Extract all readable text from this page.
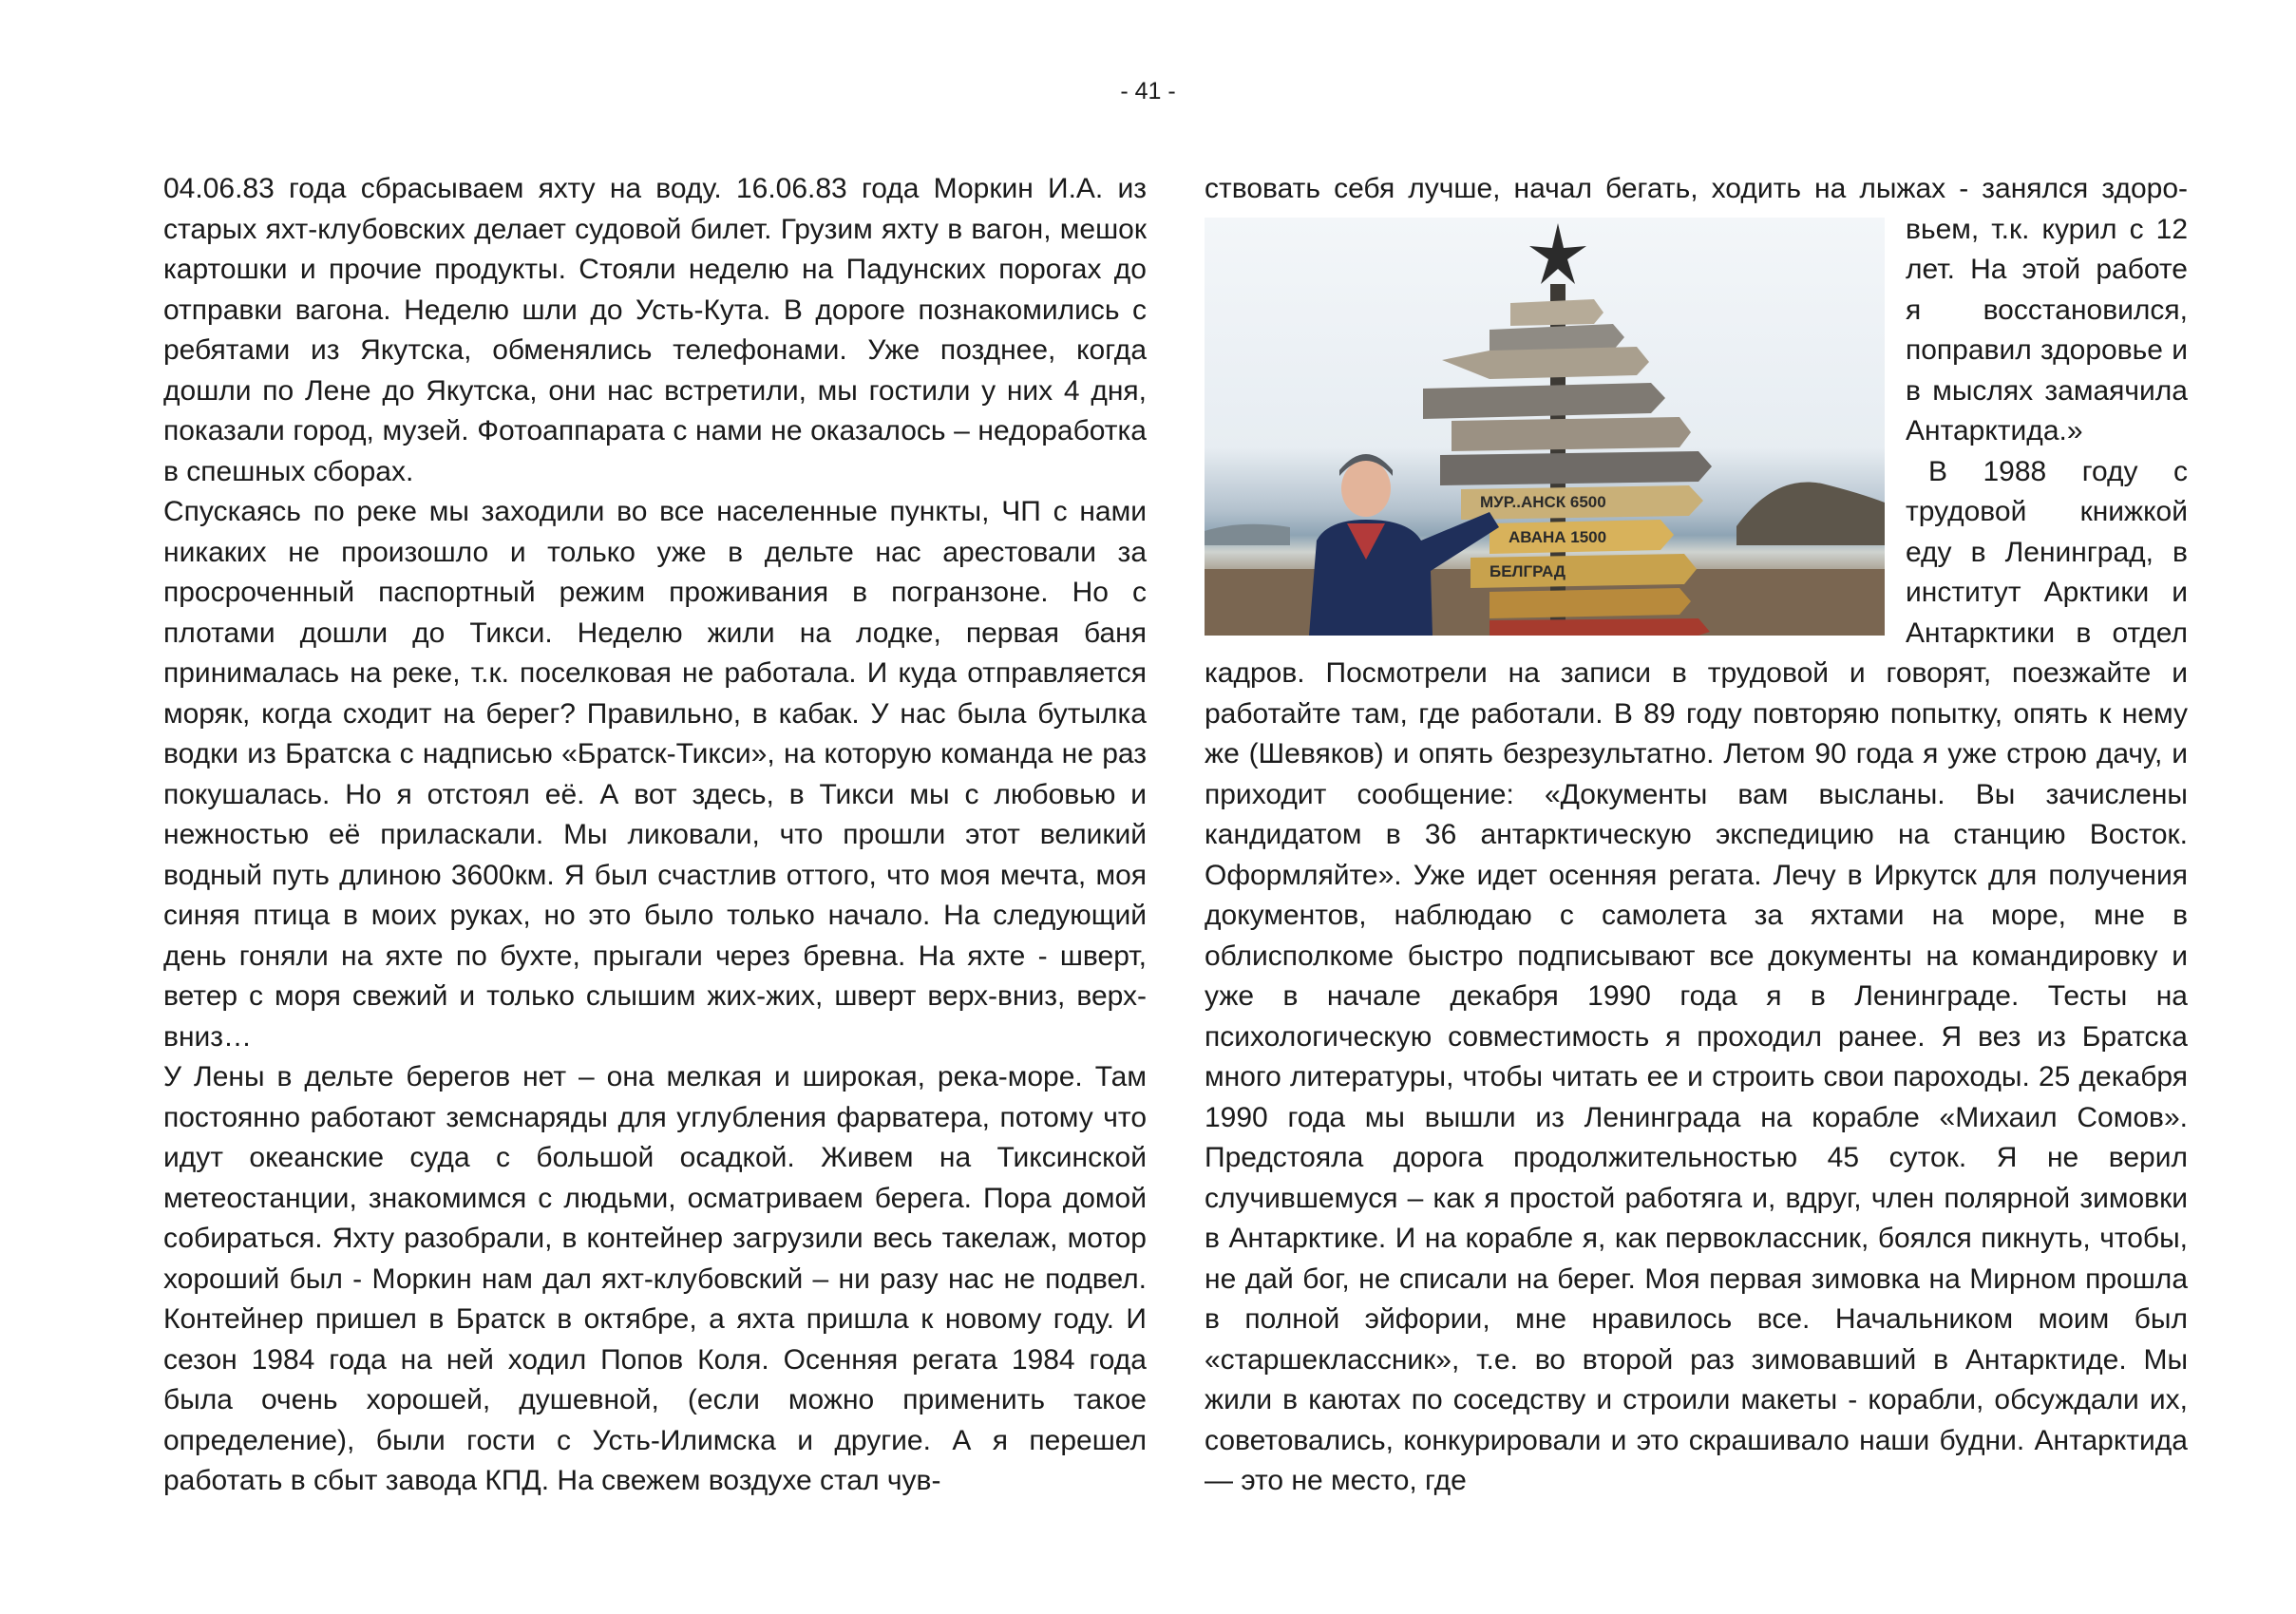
- 41 -

04.06.83 года сбрасываем яхту на воду. 16.06.83 года Моркин И.А. из старых яхт-клубовских делает судовой билет. Грузим яхту в вагон, мешок картошки и прочие продукты. Стояли неделю на Падунских порогах до отправки вагона. Неделю шли до Усть-Кута. В дороге познакомились с ребятами из Якутска, обменялись телефонами. Уже позднее, когда дошли по Лене до Якутска, они нас встретили, мы гостили у них 4 дня, показали город, музей. Фотоаппарата с нами не оказалось – недоработка в спешных сборах.

Спускаясь по реке мы заходили во все населенные пункты, ЧП с нами никаких не произошло и только уже в дельте нас арестовали за просроченный паспортный режим проживания в погранзоне. Но с плотами дошли до Тикси. Неделю жили на лодке, первая баня принималась на реке, т.к. поселковая не работала. И куда отправляется моряк, когда сходит на берег? Правильно, в кабак. У нас была бутылка водки из Братска с надписью «Братск-Тикси», на которую команда не раз покушалась. Но я отстоял её. А вот здесь, в Тикси мы с любовью и нежностью её приласкали. Мы ликовали, что прошли этот великий водный путь длиною 3600км. Я был счастлив оттого, что моя мечта, моя синяя птица в моих руках, но это было только начало. На следующий день гоняли на яхте по бухте, прыгали через бревна. На яхте - шверт, ветер с моря свежий и только слышим жих-жих, шверт верх-вниз, верх-вниз…

У Лены в дельте берегов нет – она мелкая и широкая, река-море. Там постоянно работают земснаряды для углубления фарватера, потому что идут океанские суда с большой осадкой. Живем на Тиксинской метеостанции, знакомимся с людьми, осматриваем берега. Пора домой собираться. Яхту разобрали, в контейнер загрузили весь такелаж, мотор хороший был - Моркин нам дал яхт-клубовский – ни разу нас не подвел. Контейнер пришел в Братск в октябре, а яхта пришла к новому году. И сезон 1984 года на ней ходил Попов Коля. Осенняя регата 1984 года была очень хорошей, душевной, (если можно применить такое определение), были гости с Усть-Илимска и другие. А я перешел работать в сбыт завода КПД. На свежем воздухе стал чув-

ствовать себя лучше, начал бегать, ходить на лыжах - занялся здоро-
МУР..АНСК 6500
АВАНА 1500
БЕЛГРАД

вьем, т.к. курил с 12 лет. На этой работе я восстановился, поправил здоровье и в мыслях замаячила Антарктида.»

В 1988 году с трудовой книжкой еду в Ленинград, в институт Арктики и Антарктики в отдел кадров. Посмотрели на записи в трудовой и говорят, поезжайте и работайте там, где работали. В 89 году повторяю попытку, опять к нему же (Шевяков) и опять безрезультатно. Летом 90 года я уже строю дачу, и приходит сообщение: «Документы вам высланы. Вы зачислены кандидатом в 36 антарктическую экспедицию на станцию Восток. Оформляйте». Уже идет осенняя регата. Лечу в Иркутск для получения документов, наблюдаю с самолета за яхтами на море, мне в облисполкоме быстро подписывают все документы на командировку и уже в начале декабря 1990 года я в Ленинграде. Тесты на психологическую совместимость я проходил ранее. Я вез из Братска много литературы, чтобы читать ее и строить свои пароходы. 25 декабря 1990 года мы вышли из Ленинграда на корабле «Михаил Сомов». Предстояла дорога продолжительностью 45 суток. Я не верил случившемуся – как я простой работяга и, вдруг, член полярной зимовки в Антарктике. И на корабле я, как первоклассник, боялся пикнуть, чтобы, не дай бог, не списали на берег. Моя первая зимовка на Мирном прошла в полной эйфории, мне нравилось все. Начальником моим был «старшеклассник», т.е. во второй раз зимовавший в Антарктиде. Мы жили в каютах по соседству и строили макеты - корабли, обсуждали их, советовались, конкурировали и это скрашивало наши будни. Антарктида — это не место, где
